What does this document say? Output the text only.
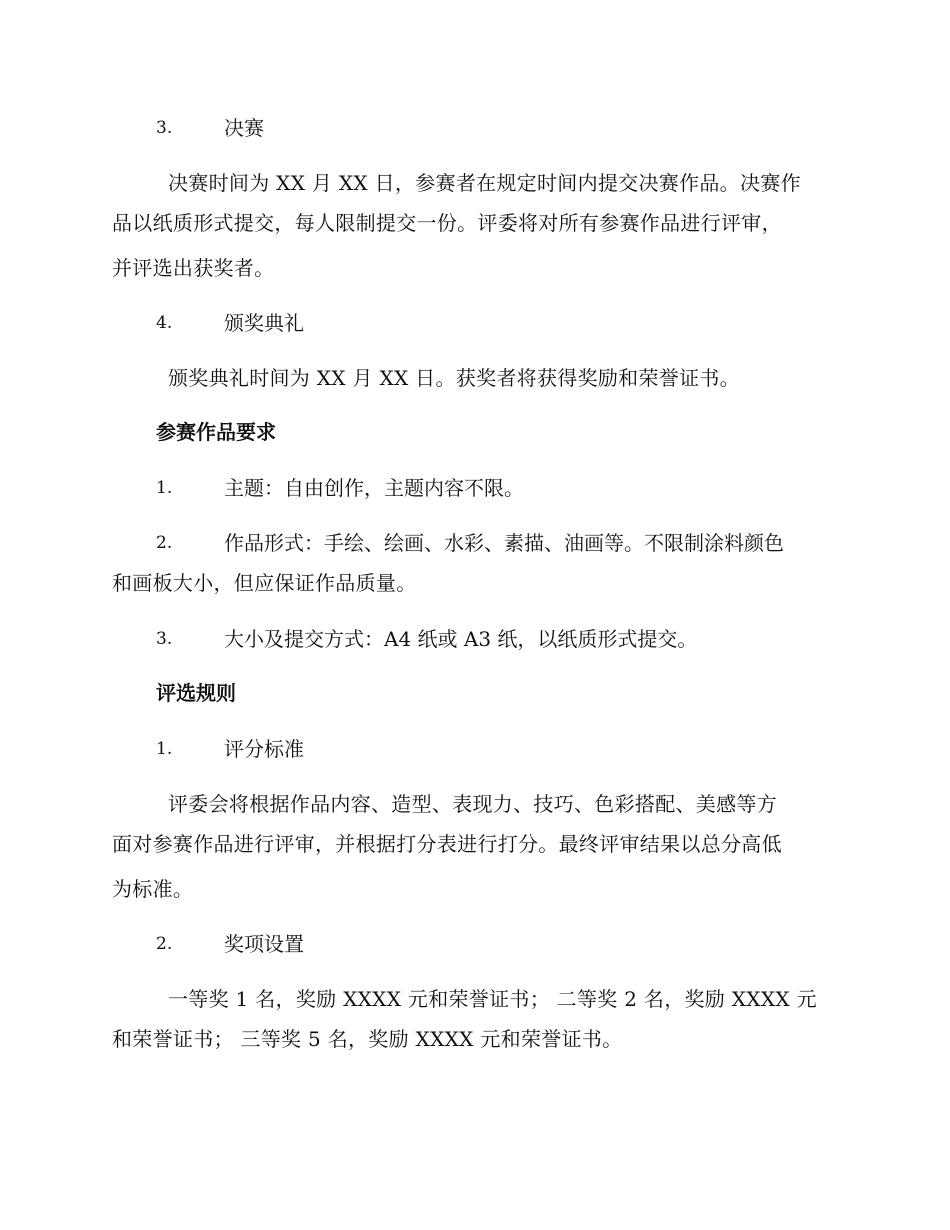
3.	决赛
决赛时间为 XX 月 XX 日，参赛者在规定时间内提交决赛作品。决赛作
品以纸质形式提交，每人限制提交一份。评委将对所有参赛作品进行评审，
并评选出获奖者。
4.	颁奖典礼
颁奖典礼时间为 XX 月 XX 日。获奖者将获得奖励和荣誉证书。
参赛作品要求
1.	主题：自由创作，主题内容不限。
2.	作品形式：手绘、绘画、水彩、素描、油画等。不限制涂料颜色
和画板大小，但应保证作品质量。
3.	大小及提交方式：A4 纸或 A3 纸，以纸质形式提交。
评选规则
1.	评分标准
评委会将根据作品内容、造型、表现力、技巧、色彩搭配、美感等方
面对参赛作品进行评审，并根据打分表进行打分。最终评审结果以总分高低
为标准。
2.	奖项设置
一等奖 1 名，奖励 XXXX 元和荣誉证书； 二等奖 2 名，奖励 XXXX 元
和荣誉证书； 三等奖 5 名，奖励 XXXX 元和荣誉证书。
